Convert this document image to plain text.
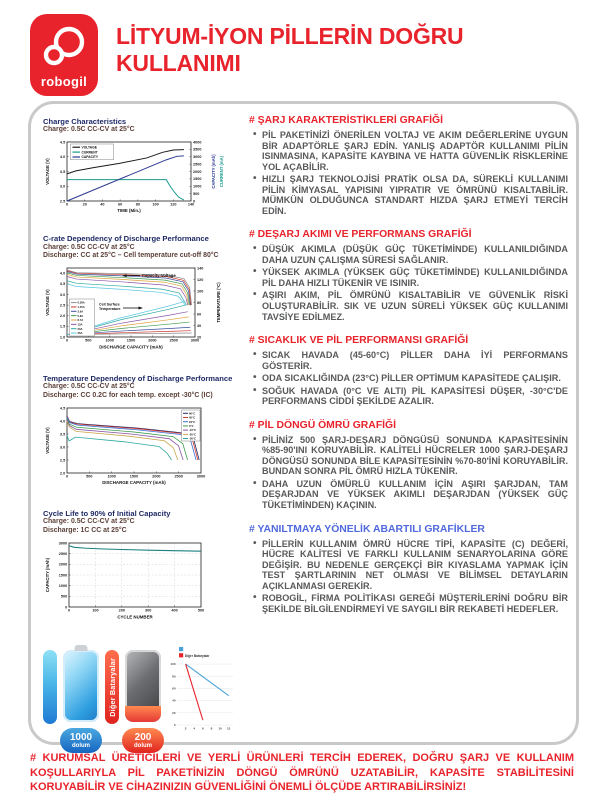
robogil
LİTYUM-İYON PİLLERİN DOĞRU
KULLANIMI
Charge Characteristics
Charge: 0.5C CC-CV at 25°C
0	20	40	60	80	100	120	140
2.5
3.0
3.5
4.0
4.5
0
500
1000
1500
2000
2500
3000
3500
4000
TIME (Min.)
VOLTAGE (V)	CAPACITY (mAh) CURRENT (mA)
VOLTAGE
CURRENT
CAPACITY
C-rate Dependency of Discharge Performance
Charge: 0.5C CC-CV at 25°C
Discharge: CC at 25°C – Cell temperature cut-off 80°C
0	500	1000	1500	2000	2500	3000
1.0
1.5
2.0
2.5
3.0
3.5
4.0
20
40
60
80
100
120
140
DISCHARGE CAPACITY (mAh)
VOLTAGE (V)	TEMPERATURE (°C)
0.58A
1.45A
2.9A
5.8A
8.7A
13A
20A
25A
Capacity-Voltage
Cell Surface
Temperature
Temperature Dependency of Discharge Performance
Charge: 0.5C CC-CV at 25°C
Discharge: CC 0.2C for each temp. except -30°C (IC)
0	500	1000	1500	2000	2500	3000
2.0
2.5
3.0
3.5
4.0
4.5
DISCHARGE CAPACITY (mAh)
VOLTAGE (V)
60°C
45°C
23°C
0°C
-10°C
-20°C
-30°C
Cycle Life to 90% of Initial Capacity
Charge: 0.5C CC-CV at 25°C
Discharge: 1C CC at 25°C
0	100	200	300	400	500
0
500
1000
1500
2000
2500
3000
CYCLE NUMBER
CAPACITY (mAh)
1000
dolum
Diğer Bataryalar
200
dolum
0
20
40
60
80
100
2 4 6 8 10 12
Diğer Bataryalar
# ŞARJ KARAKTERİSTİKLERİ GRAFİĞİ
• PİL PAKETİNİZİ ÖNERİLEN VOLTAJ VE AKIM DEĞERLERİNE UYGUN BİR ADAPTÖRLE ŞARJ EDİN. YANLIŞ ADAPTÖR KULLANIMI PİLİN ISINMASINA, KAPASİTE KAYBINA VE HATTA GÜVENLİK RİSKLERİNE YOL AÇABİLİR.
• HIZLI ŞARJ TEKNOLOJİSİ PRATİK OLSA DA, SÜREKLİ KULLANIMI PİLİN KİMYASAL YAPISINI YIPRATIR VE ÖMRÜNÜ KISALTABİLİR. MÜMKÜN OLDUĞUNCA STANDART HIZDA ŞARJ ETMEYİ TERCİH EDİN.
# DEŞARJ AKIMI VE PERFORMANS GRAFİĞİ
• DÜŞÜK AKIMLA (DÜŞÜK GÜÇ TÜKETİMİNDE) KULLANILDIĞINDA DAHA UZUN ÇALIŞMA SÜRESİ SAĞLANIR.
• YÜKSEK AKIMLA (YÜKSEK GÜÇ TÜKETİMİNDE) KULLANILDIĞINDA PİL DAHA HIZLI TÜKENİR VE ISINIR.
• AŞIRI AKIM, PİL ÖMRÜNÜ KISALTABİLİR VE GÜVENLİK RİSKİ OLUŞTURABİLİR. SIK VE UZUN SÜRELİ YÜKSEK GÜÇ KULLANIMI TAVSİYE EDİLMEZ.
# SICAKLIK VE PİL PERFORMANSI GRAFİĞİ
• SICAK HAVADA (45-60°C) PİLLER DAHA İYİ PERFORMANS GÖSTERİR.
• ODA SICAKLIĞINDA (23°C) PİLLER OPTİMUM KAPASİTEDE ÇALIŞIR.
• SOĞUK HAVADA (0°C VE ALTI) PİL KAPASİTESİ DÜŞER, -30°C'DE PERFORMANS CİDDİ ŞEKİLDE AZALIR.
# PİL DÖNGÜ ÖMRÜ GRAFİĞİ
• PİLİNİZ 500 ŞARJ-DEŞARJ DÖNGÜSÜ SONUNDA KAPASİTESİNİN %85-90'INI KORUYABİLİR. KALİTELİ HÜCRELER 1000 ŞARJ-DEŞARJ DÖNGÜSÜ SONUNDA BİLE KAPASİTESİNİN %70-80'İNİ KORUYABİLİR. BUNDAN SONRA PİL ÖMRÜ HIZLA TÜKENİR.
• DAHA UZUN ÖMÜRLÜ KULLANIM İÇİN AŞIRI ŞARJDAN, TAM DEŞARJDAN VE YÜKSEK AKIMLI DEŞARJDAN (YÜKSEK GÜÇ TÜKETİMİNDEN) KAÇININ.
# YANILTMAYA YÖNELİK ABARTILI GRAFİKLER
• PİLLERİN KULLANIM ÖMRÜ HÜCRE TİPİ, KAPASİTE (C) DEĞERİ, HÜCRE KALİTESİ VE FARKLI KULLANIM SENARYOLARINA GÖRE DEĞİŞİR. BU NEDENLE GERÇEKÇİ BİR KIYASLAMA YAPMAK İÇİN TEST ŞARTLARININ NET OLMASI VE BİLİMSEL DETAYLARIN AÇIKLANMASI GEREKİR.
• ROBOGİL, FİRMA POLİTİKASI GEREĞİ MÜŞTERİLERİNİ DOĞRU BİR ŞEKİLDE BİLGİLENDİRMEYİ VE SAYGILI BİR REKABETİ HEDEFLER.

# KURUMSAL ÜRETİCİLERİ VE YERLİ ÜRÜNLERİ TERCİH EDEREK, DOĞRU ŞARJ VE KULLANIM KOŞULLARIYLA PİL PAKETİNİZİN DÖNGÜ ÖMRÜNÜ UZATABİLİR, KAPASİTE STABİLİTESİNİ KORUYABİLİR VE CİHAZINIZIN GÜVENLİĞİNİ ÖNEMLİ ÖLÇÜDE ARTIRABİLİRSİNİZ!
